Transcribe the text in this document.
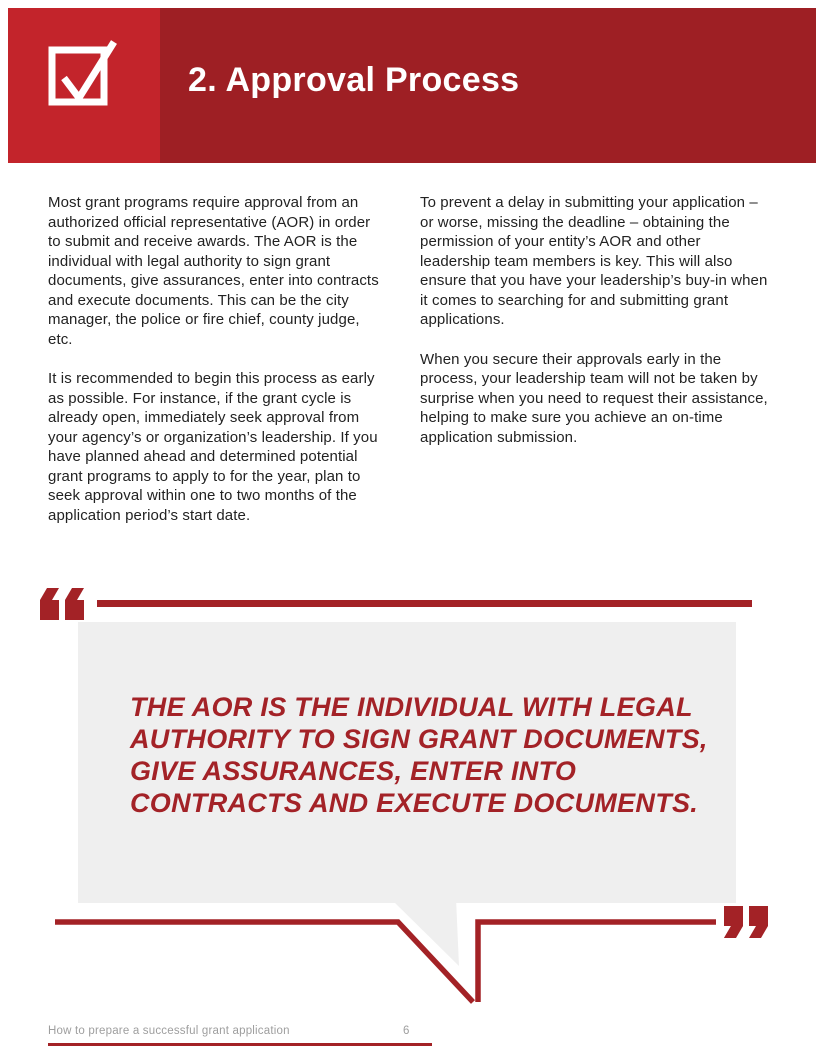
2. Approval Process

Most grant programs require approval from an authorized official representative (AOR) in order to submit and receive awards. The AOR is the individual with legal authority to sign grant documents, give assurances, enter into contracts and execute documents. This can be the city manager, the police or fire chief, county judge, etc.

It is recommended to begin this process as early as possible. For instance, if the grant cycle is already open, immediately seek approval from your agency’s or organization’s leadership. If you have planned ahead and determined potential grant programs to apply to for the year, plan to seek approval within one to two months of the application period’s start date.

To prevent a delay in submitting your application – or worse, missing the deadline – obtaining the permission of your entity’s AOR and other leadership team members is key. This will also ensure that you have your leadership’s buy-in when it comes to searching for and submitting grant applications.

When you secure their approvals early in the process, your leadership team will not be taken by surprise when you need to request their assistance, helping to make sure you achieve an on-time application submission.

THE AOR IS THE INDIVIDUAL WITH LEGAL
AUTHORITY TO SIGN GRANT DOCUMENTS,
GIVE ASSURANCES, ENTER INTO
CONTRACTS AND EXECUTE DOCUMENTS.
How to prepare a successful grant application	6
